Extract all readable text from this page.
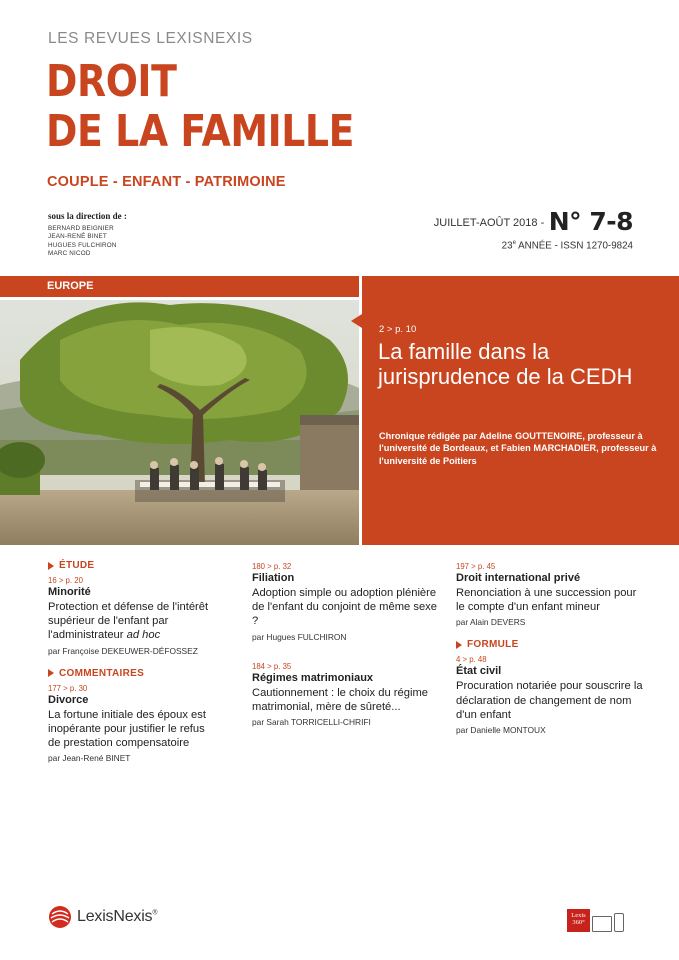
LES REVUES LEXISNEXIS
DROIT
DE LA FAMILLE
COUPLE - ENFANT - PATRIMOINE
sous la direction de :
BERNARD BEIGNIER
JEAN-RENÉ BINET
HUGUES FULCHIRON
MARC NICOD
$^{JUILLET-AOÛT 2018 -}$ N° 7-8
23e ANNÉE - ISSN 1270-9824
EUROPE
2 > p. 10
La famille dans la jurisprudence de la CEDH
Chronique rédigée par Adeline GOUTTENOIRE, professeur à l'université de Bordeaux, et Fabien MARCHADIER, professeur à l'université de Poitiers
ÉTUDE
16 > p. 20
Minorité
Protection et défense de l'intérêt supérieur de l'enfant par l'administrateur ad hoc
par Françoise DEKEUWER-DÉFOSSEZ
COMMENTAIRES
177 > p. 30
Divorce
La fortune initiale des époux est inopérante pour justifier le refus de prestation compensatoire
par Jean-René BINET
180 > p. 32
Filiation
Adoption simple ou adoption plénière de l'enfant du conjoint de même sexe ?
par Hugues FULCHIRON
184 > p. 35
Régimes matrimoniaux
Cautionnement : le choix du régime matrimonial, mère de sûreté...
par Sarah TORRICELLI-CHRIFI
197 > p. 45
Droit international privé
Renonciation à une succession pour le compte d'un enfant mineur
par Alain DEVERS
FORMULE
4 > p. 48
État civil
Procuration notariée pour souscrire la déclaration de changement de nom d'un enfant
par Danielle MONTOUX
LexisNexis®	Lexis
360°
